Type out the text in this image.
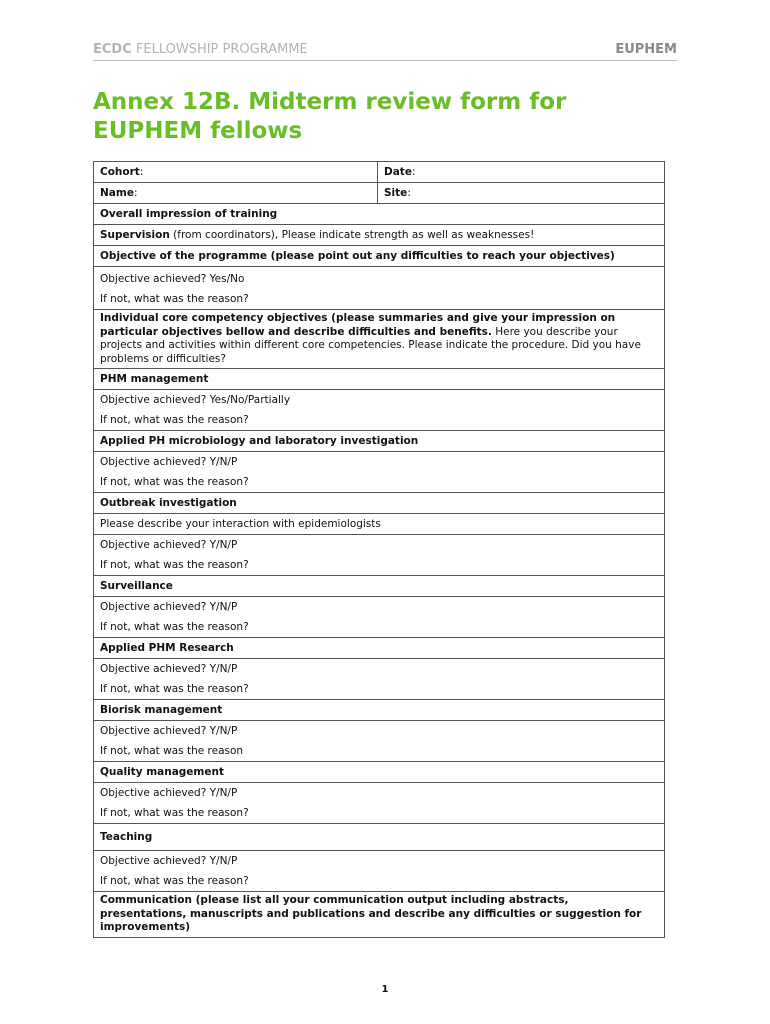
ECDC FELLOWSHIP PROGRAMME	EUPHEM
Annex 12B. Midterm review form for EUPHEM fellows
Cohort:	Date:
Name:	Site:
Overall impression of training	
Supervision (from coordinators), Please indicate strength as well as weaknesses!	
Objective of the programme (please point out any difficulties to reach your objectives)	

Objective achieved? Yes/No
If not, what was the reason?	

Individual core competency objectives (please summaries and give your impression on particular objectives bellow and describe difficulties and benefits. Here you describe your projects and activities within different core competencies. Please indicate the procedure. Did you have problems or difficulties?	
PHM management	

Objective achieved? Yes/No/Partially
If not, what was the reason?	

Applied PH microbiology and laboratory investigation	

Objective achieved? Y/N/P
If not, what was the reason?	

Outbreak investigation	
Please describe your interaction with epidemiologists	

Objective achieved? Y/N/P
If not, what was the reason?	

Surveillance	

Objective achieved? Y/N/P
If not, what was the reason?	

Applied PHM Research	

Objective achieved? Y/N/P
If not, what was the reason?	

Biorisk management	

Objective achieved? Y/N/P
If not, what was the reason	

Quality management	

Objective achieved? Y/N/P
If not, what was the reason?	

Teaching	

Objective achieved? Y/N/P
If not, what was the reason?	

Communication (please list all your communication output including abstracts, presentations, manuscripts and publications and describe any difficulties or suggestion for improvements)	
1
